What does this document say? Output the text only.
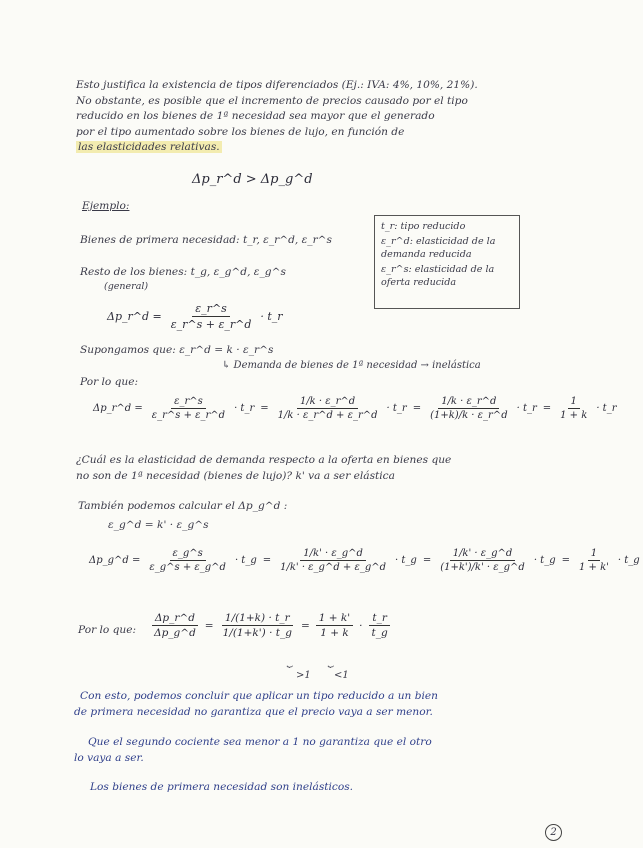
Esto justifica la existencia de tipos diferenciados (Ej.: IVA: 4%, 10%, 21%).
No obstante, es posible que el incremento de precios causado por el tipo
reducido en los bienes de 1ª necesidad sea mayor que el generado
por el tipo aumentado sobre los bienes de lujo, en función de
las elasticidades relativas.
Δp_r^d > Δp_g^d
Ejemplo:
Bienes de primera necesidad: t_r, ε_r^d, ε_r^s
Resto de los bienes: t_g, ε_g^d, ε_g^s
(general)
Δp_r^d = $\frac{\varepsilon\_r\^{}s}{\varepsilon\_r\^{}s + \varepsilon\_r\^{}d}$ · t_r
t_r: tipo reducido
ε_r^d: elasticidad de la demanda reducida
ε_r^s: elasticidad de la oferta reducida
Supongamos que: ε_r^d = k · ε_r^s
↳ Demanda de bienes de 1ª necesidad → inelástica
Por lo que:
Δp_r^d = $\frac{\varepsilon\_r\^{}s}{\varepsilon\_r\^{}s + \varepsilon\_r\^{}d}$ · t_r = $\frac{1/k \cdot \varepsilon\_r\^{}d}{1/k \cdot \varepsilon\_r\^{}d + \varepsilon\_r\^{}d}$ · t_r = $\frac{1/k \cdot \varepsilon\_r\^{}d}{(1+k)/k \cdot \varepsilon\_r\^{}d}$ · t_r = $\frac{1}{1 + k}$ · t_r
¿Cuál es la elasticidad de demanda respecto a la oferta en bienes que
no son de 1ª necesidad (bienes de lujo)? k' va a ser elástica
También podemos calcular el Δp_g^d :
ε_g^d = k' · ε_g^s
Δp_g^d = $\frac{\varepsilon\_g\^{}s}{\varepsilon\_g\^{}s + \varepsilon\_g\^{}d}$ · t_g = $\frac{1/k' \cdot \varepsilon\_g\^{}d}{1/k' \cdot \varepsilon\_g\^{}d + \varepsilon\_g\^{}d}$ · t_g = $\frac{1/k' \cdot \varepsilon\_g\^{}d}{(1+k')/k' \cdot \varepsilon\_g\^{}d}$ · t_g = $\frac{1}{1 + k'}$ · t_g
Por lo que: $\frac{\Delta p\_r\^{}d}{\Delta p\_g\^{}d} = \frac{1/(1+k) \cdot t\_r}{1/(1+k') \cdot t\_g} = \frac{1 + k'}{1 + k} \cdot \frac{t\_r}{t\_g}$
⏟	⏟
>1 <1
Con esto, podemos concluir que aplicar un tipo reducido a un bien
de primera necesidad no garantiza que el precio vaya a ser menor.
Que el segundo cociente sea menor a 1 no garantiza que el otro
lo vaya a ser.
Los bienes de primera necesidad son inelásticos.
2
